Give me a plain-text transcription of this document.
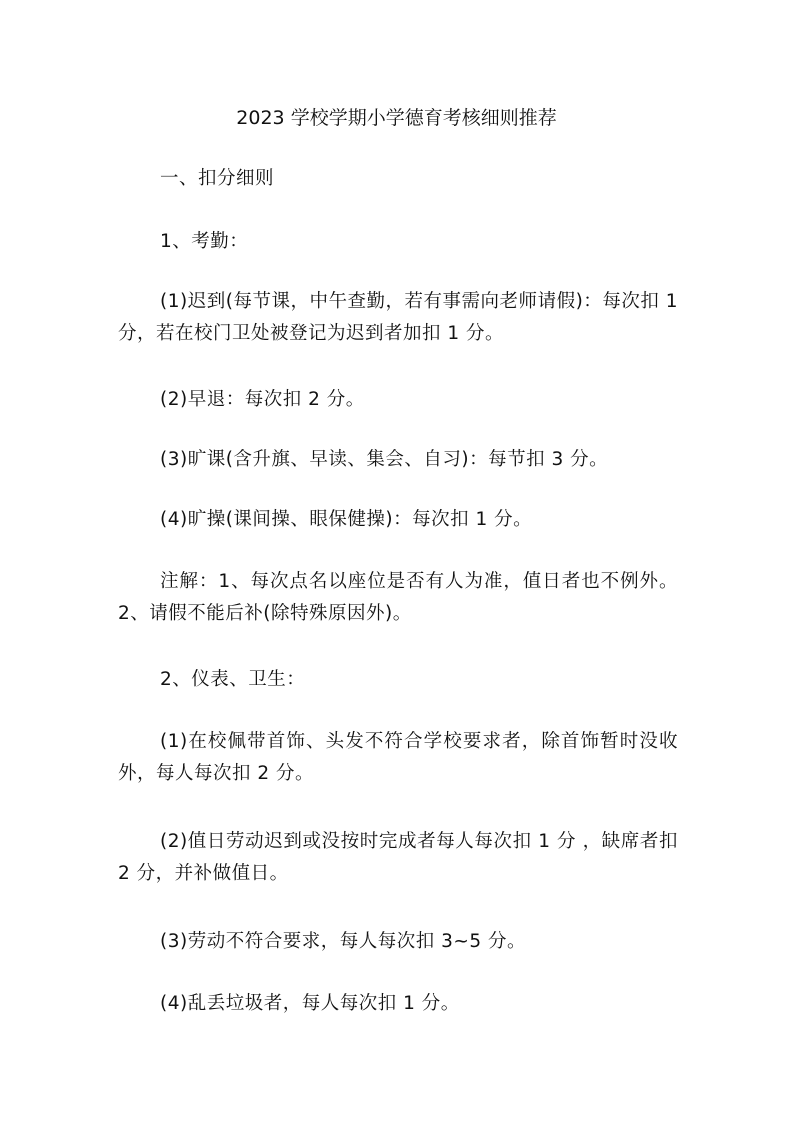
2023 学校学期小学德育考核细则推荐

一、扣分细则

1、考勤：

(1)迟到(每节课，中午查勤，若有事需向老师请假)：每次扣 1 分，若在校门卫处被登记为迟到者加扣 1 分。

(2)早退：每次扣 2 分。

(3)旷课(含升旗、早读、集会、自习)：每节扣 3 分。

(4)旷操(课间操、眼保健操)：每次扣 1 分。

注解：1、每次点名以座位是否有人为准，值日者也不例外。2、请假不能后补(除特殊原因外)。

2、仪表、卫生：

(1)在校佩带首饰、头发不符合学校要求者，除首饰暂时没收外，每人每次扣 2 分。

(2)值日劳动迟到或没按时完成者每人每次扣 1 分 ，缺席者扣 2 分，并补做值日。

(3)劳动不符合要求，每人每次扣 3~5 分。

(4)乱丢垃圾者，每人每次扣 1 分。
